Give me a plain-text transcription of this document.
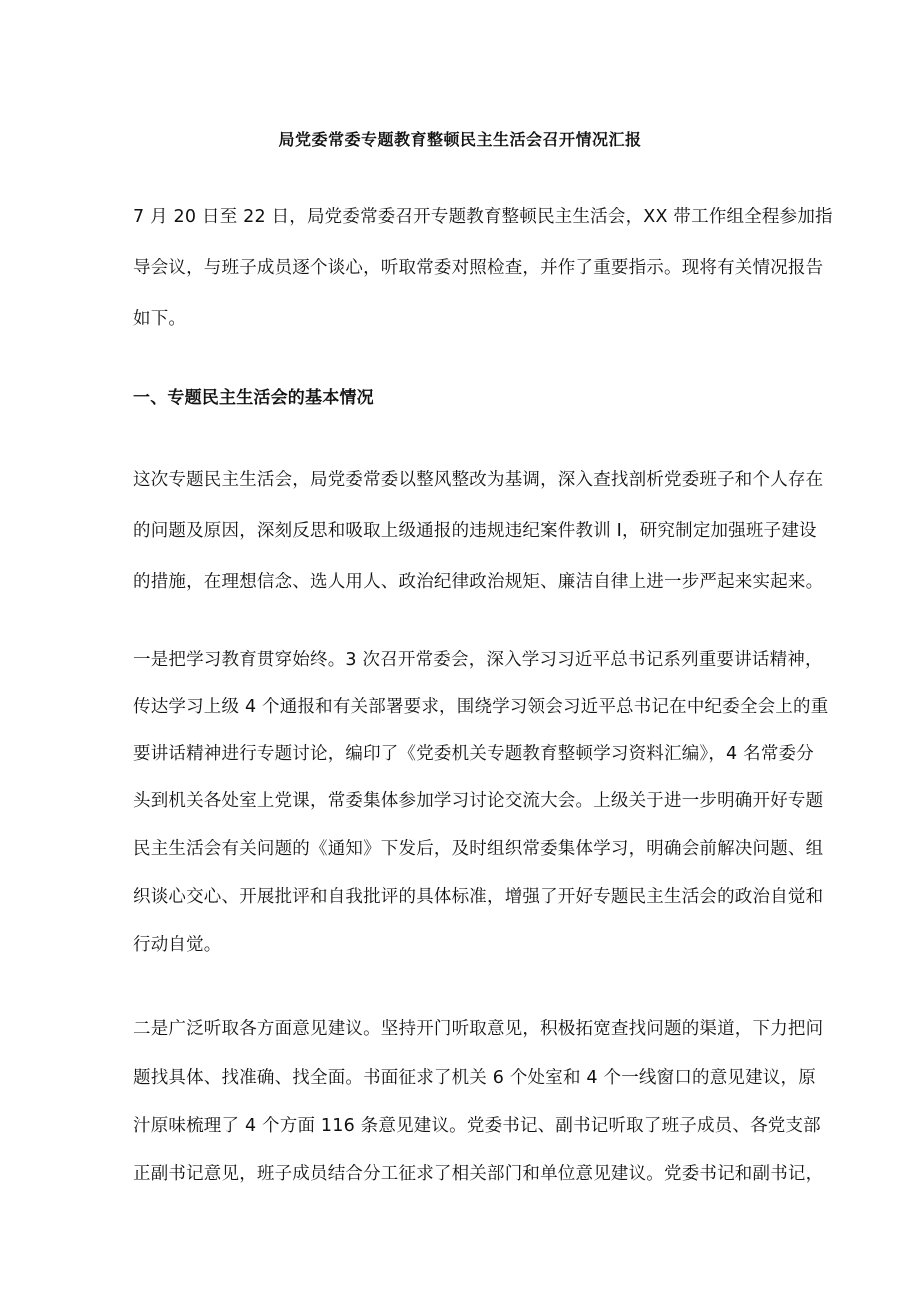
局党委常委专题教育整顿民主生活会召开情况汇报
7 月 20 日至 22 日，局党委常委召开专题教育整顿民主生活会，XX 带工作组全程参加指
导会议，与班子成员逐个谈心，听取常委对照检查，并作了重要指示。现将有关情况报告
如下。
一、专题民主生活会的基本情况
这次专题民主生活会，局党委常委以整风整改为基调，深入查找剖析党委班子和个人存在
的问题及原因，深刻反思和吸取上级通报的违规违纪案件教训 I，研究制定加强班子建设
的措施，在理想信念、选人用人、政治纪律政治规矩、廉洁自律上进一步严起来实起来。
一是把学习教育贯穿始终。3 次召开常委会，深入学习习近平总书记系列重要讲话精神，
传达学习上级 4 个通报和有关部署要求，围绕学习领会习近平总书记在中纪委全会上的重
要讲话精神进行专题讨论，编印了《党委机关专题教育整顿学习资料汇编》，4 名常委分
头到机关各处室上党课，常委集体参加学习讨论交流大会。上级关于进一步明确开好专题
民主生活会有关问题的《通知》下发后，及时组织常委集体学习，明确会前解决问题、组
织谈心交心、开展批评和自我批评的具体标准，增强了开好专题民主生活会的政治自觉和
行动自觉。
二是广泛听取各方面意见建议。坚持开门听取意见，积极拓宽查找问题的渠道，下力把问
题找具体、找准确、找全面。书面征求了机关 6 个处室和 4 个一线窗口的意见建议，原
汁原味梳理了 4 个方面 116 条意见建议。党委书记、副书记听取了班子成员、各党支部
正副书记意见，班子成员结合分工征求了相关部门和单位意见建议。党委书记和副书记，
